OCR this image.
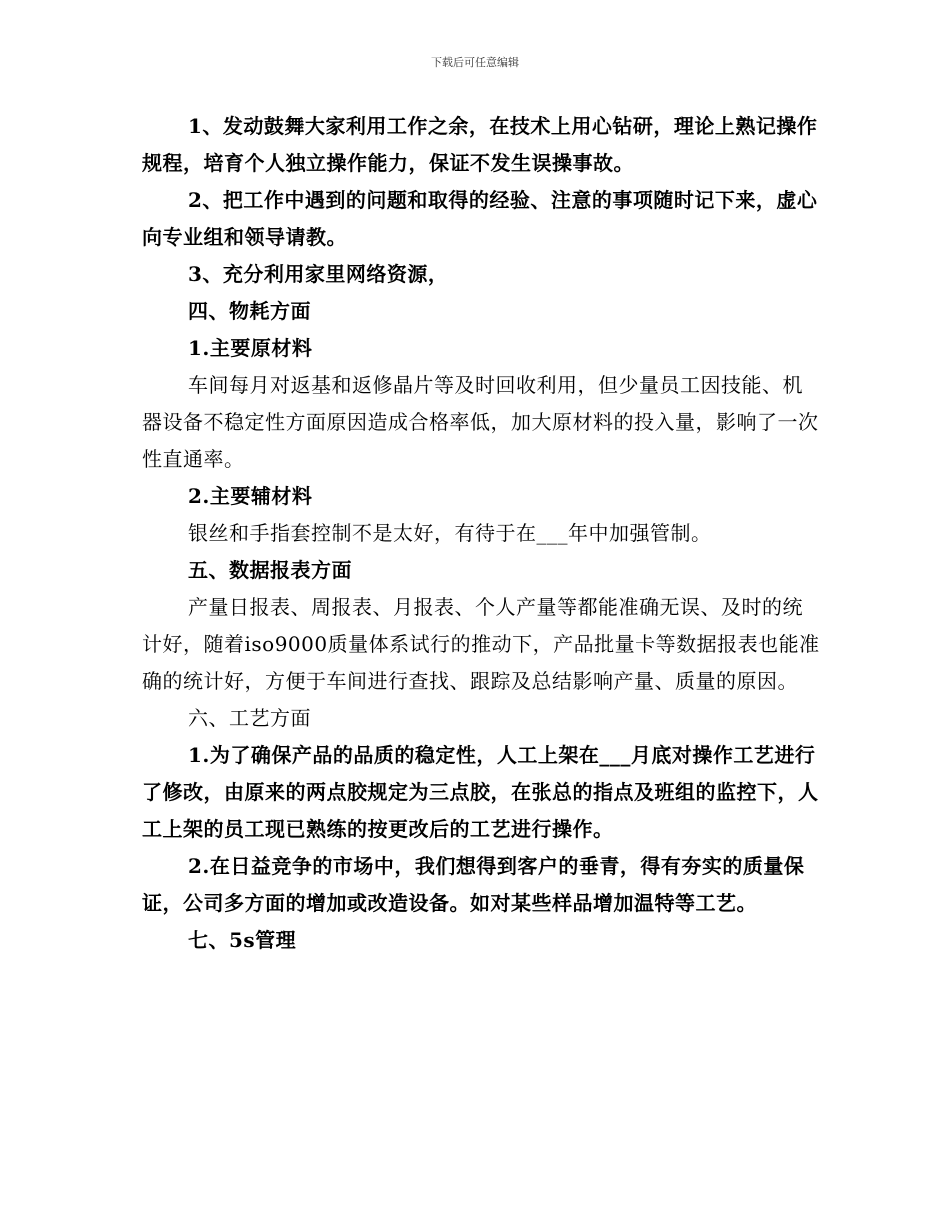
下载后可任意编辑

1、发动鼓舞大家利用工作之余，在技术上用心钻研，理论上熟记操作规程，培育个人独立操作能力，保证不发生误操事故。

2、把工作中遇到的问题和取得的经验、注意的事项随时记下来，虚心向专业组和领导请教。

3、充分利用家里网络资源，

四、物耗方面

1.主要原材料

车间每月对返基和返修晶片等及时回收利用，但少量员工因技能、机器设备不稳定性方面原因造成合格率低，加大原材料的投入量，影响了一次性直通率。

2.主要辅材料

银丝和手指套控制不是太好，有待于在___年中加强管制。

五、数据报表方面

产量日报表、周报表、月报表、个人产量等都能准确无误、及时的统计好，随着iso9000质量体系试行的推动下，产品批量卡等数据报表也能准确的统计好，方便于车间进行查找、跟踪及总结影响产量、质量的原因。

六、工艺方面

1.为了确保产品的品质的稳定性，人工上架在___月底对操作工艺进行了修改，由原来的两点胶规定为三点胶，在张总的指点及班组的监控下，人工上架的员工现已熟练的按更改后的工艺进行操作。

2.在日益竞争的市场中，我们想得到客户的垂青，得有夯实的质量保证，公司多方面的增加或改造设备。如对某些样品增加温特等工艺。

七、5s管理
